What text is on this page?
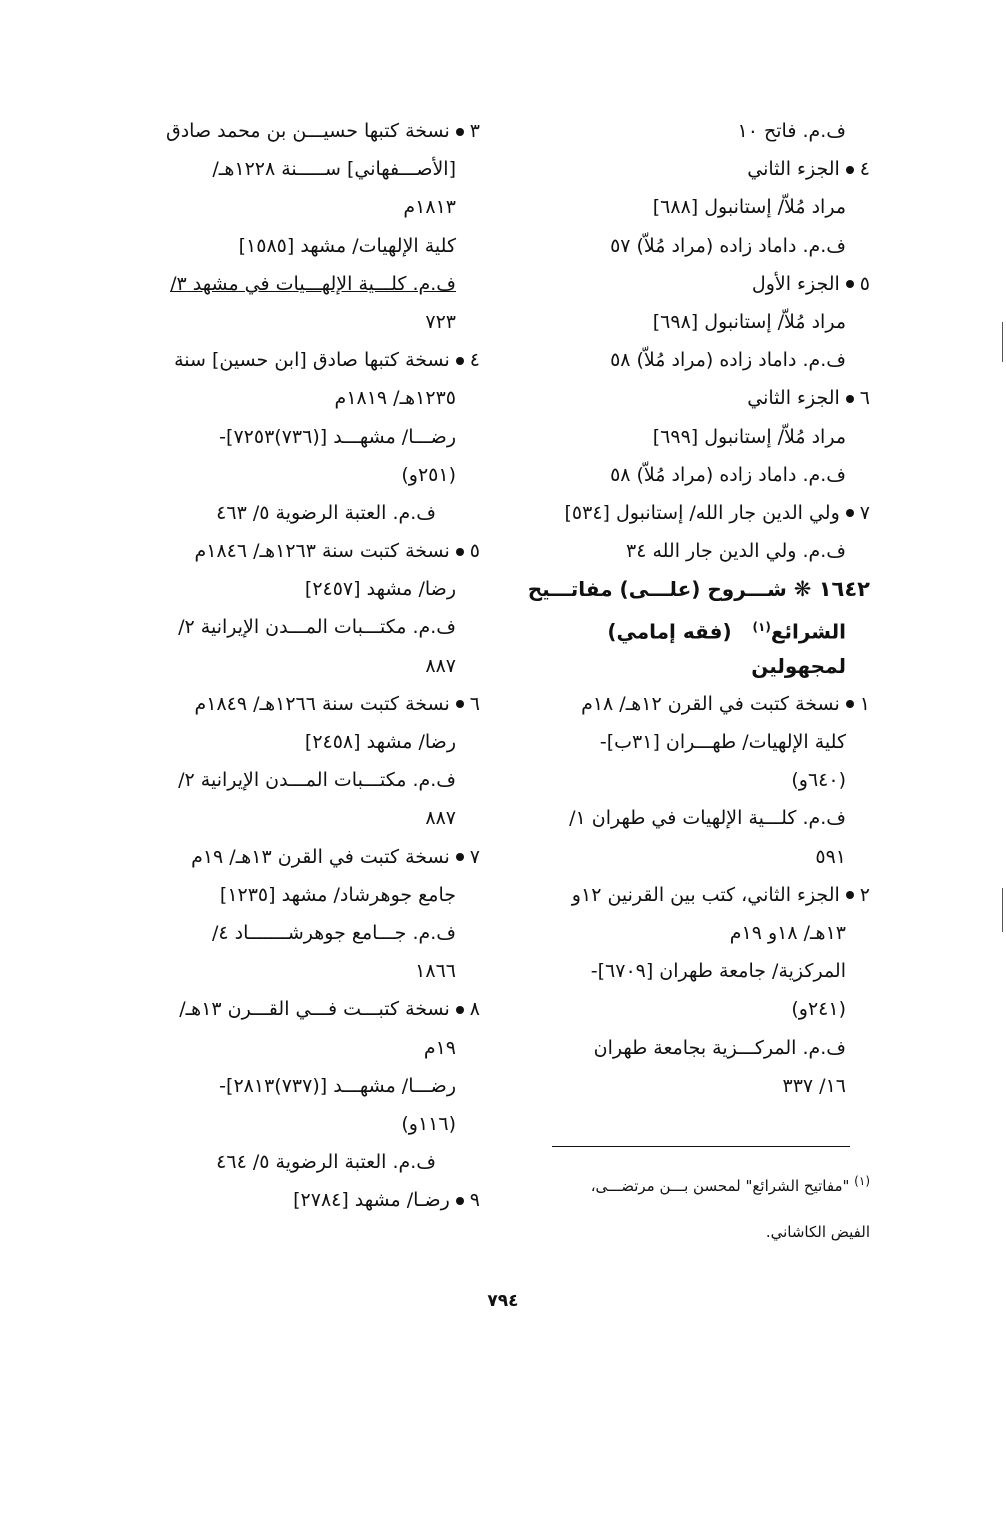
ف.م. فاتح ١٠
٤الجزء الثاني
مراد مُلاّ/ إستانبول [٦٨٨]
ف.م. داماد زاده (مراد مُلاّ) ٥٧
٥الجزء الأول
مراد مُلاّ/ إستانبول [٦٩٨]
ف.م. داماد زاده (مراد مُلاّ) ٥٨
٦الجزء الثاني
مراد مُلاّ/ إستانبول [٦٩٩]
ف.م. داماد زاده (مراد مُلاّ) ٥٨
٧ولي الدين جار الله/ إستانبول [٥٣٤]
ف.م. ولي الدين جار الله ٣٤
١٦٤٢ ❋ شـــروح (علـــى) مفاتـــيح
الشرائع$^{(١)}$   (فقه إمامي)
لمجهولين
١نسخة كتبت في القرن ١٢هـ/ ١٨م
كلية الإلهيات/ طهـــران [٣١ب]-
(٦٤٠و)
ف.م. كلـــية الإلهيات في طهران ١/
٥٩١
٢الجزء الثاني، كتب بين القرنين ١٢و
١٣هـ/ ١٨و ١٩م
المركزية/ جامعة طهران [٦٧٠٩]-
(٢٤١و)
ف.م. المركـــزية بجامعة طهران
١٦/ ٣٣٧
٣نسخة كتبها حسيـــن بن محمد صادق
[الأصـــفهاني] ســـــنة ١٢٢٨هـ/
١٨١٣م
كلية الإلهيات/ مشهد [١٥٨٥]
ف.م. كلـــية الإلهـــيات في مشهد ٣/
٧٢٣
٤نسخة كتبها صادق [ابن حسين] سنة
١٢٣٥هـ/ ١٨١٩م
رضـــا/ مشهـــد [(٧٣٦)٧٢٥٣]-
(٢٥١و)
ف.م. العتبة الرضوية ٥/ ٤٦٣
٥نسخة كتبت سنة ١٢٦٣هـ/ ١٨٤٦م
رضا/ مشهد [٢٤٥٧]
ف.م. مكتـــبات المـــدن الإيرانية ٢/
٨٨٧
٦نسخة كتبت سنة ١٢٦٦هـ/ ١٨٤٩م
رضا/ مشهد [٢٤٥٨]
ف.م. مكتـــبات المـــدن الإيرانية ٢/
٨٨٧
٧نسخة كتبت في القرن ١٣هـ/ ١٩م
جامع جوهرشاد/ مشهد [١٢٣٥]
ف.م. جـــامع جوهرشـــــــاد ٤/
١٨٦٦
٨نسخة كتبـــت فـــي القـــرن ١٣هـ/
١٩م
رضـــا/ مشهـــد [(٧٣٧)٢٨١٣]-
(١١٦و)
ف.م. العتبة الرضوية ٥/ ٤٦٤
٩رضـا/ مشهد [٢٧٨٤]
$^{(١)}$ "مفاتيح الشرائع" لمحسن بـــن مرتضـــى، الفيض الكاشاني.
٧٩٤
